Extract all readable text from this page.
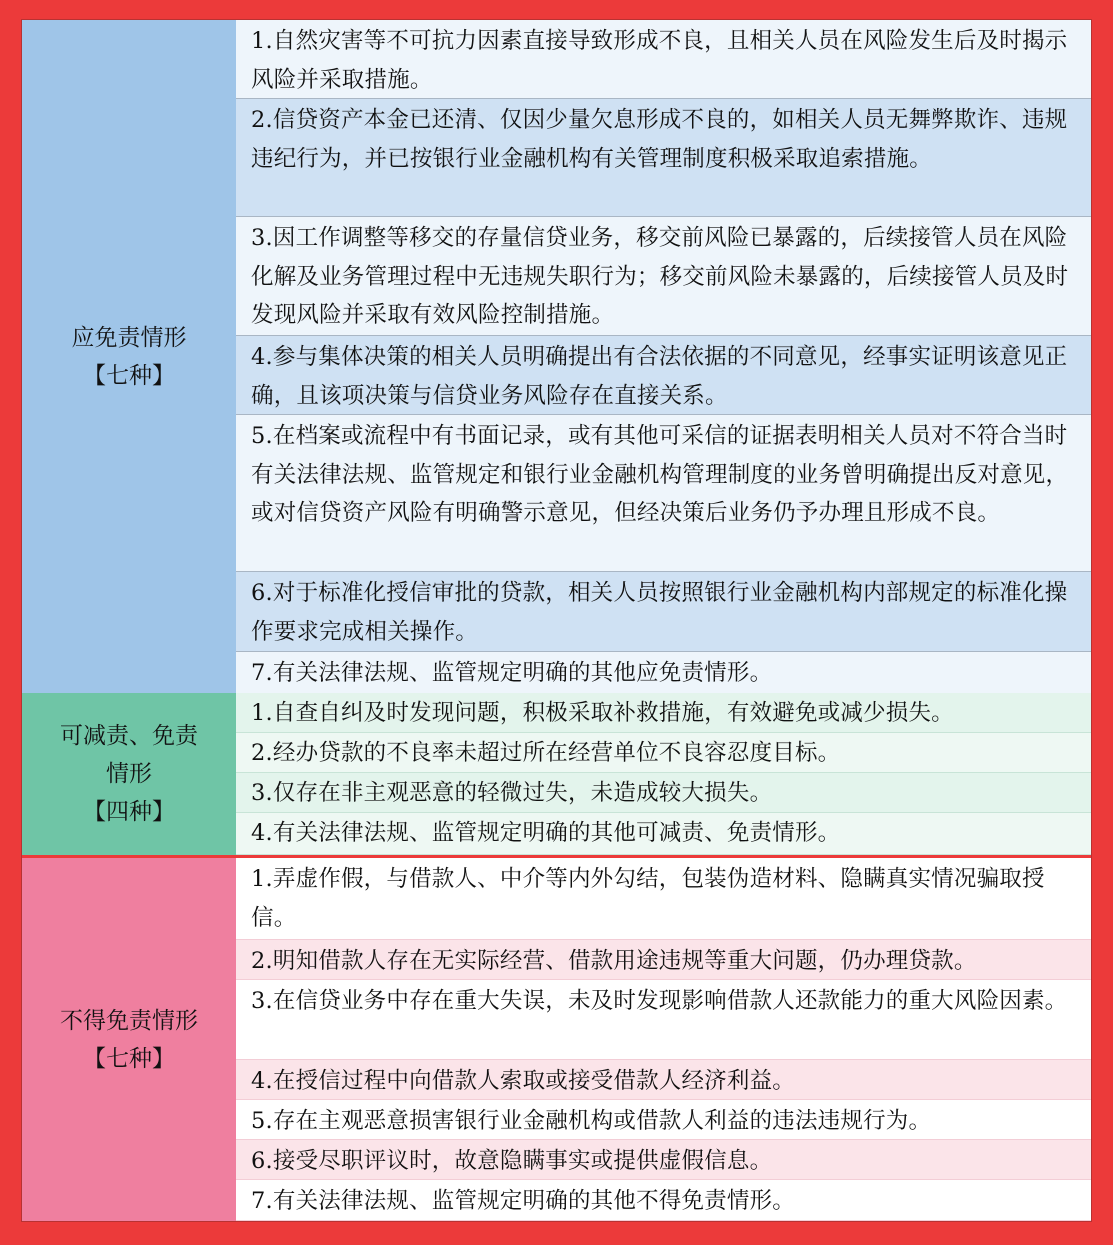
应免责情形
【七种】
1.自然灾害等不可抗力因素直接导致形成不良，且相关人员在风险发生后及时揭示风险并采取措施。
2.信贷资产本金已还清、仅因少量欠息形成不良的，如相关人员无舞弊欺诈、违规违纪行为，并已按银行业金融机构有关管理制度积极采取追索措施。
3.因工作调整等移交的存量信贷业务，移交前风险已暴露的，后续接管人员在风险化解及业务管理过程中无违规失职行为；移交前风险未暴露的，后续接管人员及时发现风险并采取有效风险控制措施。
4.参与集体决策的相关人员明确提出有合法依据的不同意见，经事实证明该意见正确，且该项决策与信贷业务风险存在直接关系。
5.在档案或流程中有书面记录，或有其他可采信的证据表明相关人员对不符合当时有关法律法规、监管规定和银行业金融机构管理制度的业务曾明确提出反对意见，或对信贷资产风险有明确警示意见，但经决策后业务仍予办理且形成不良。
6.对于标准化授信审批的贷款，相关人员按照银行业金融机构内部规定的标准化操作要求完成相关操作。
7.有关法律法规、监管规定明确的其他应免责情形。
可减责、免责
情形
【四种】
1.自查自纠及时发现问题，积极采取补救措施，有效避免或减少损失。
2.经办贷款的不良率未超过所在经营单位不良容忍度目标。
3.仅存在非主观恶意的轻微过失，未造成较大损失。
4.有关法律法规、监管规定明确的其他可减责、免责情形。
不得免责情形
【七种】
1.弄虚作假，与借款人、中介等内外勾结，包装伪造材料、隐瞒真实情况骗取授信。
2.明知借款人存在无实际经营、借款用途违规等重大问题，仍办理贷款。
3.在信贷业务中存在重大失误，未及时发现影响借款人还款能力的重大风险因素。
4.在授信过程中向借款人索取或接受借款人经济利益。
5.存在主观恶意损害银行业金融机构或借款人利益的违法违规行为。
6.接受尽职评议时，故意隐瞒事实或提供虚假信息。
7.有关法律法规、监管规定明确的其他不得免责情形。
